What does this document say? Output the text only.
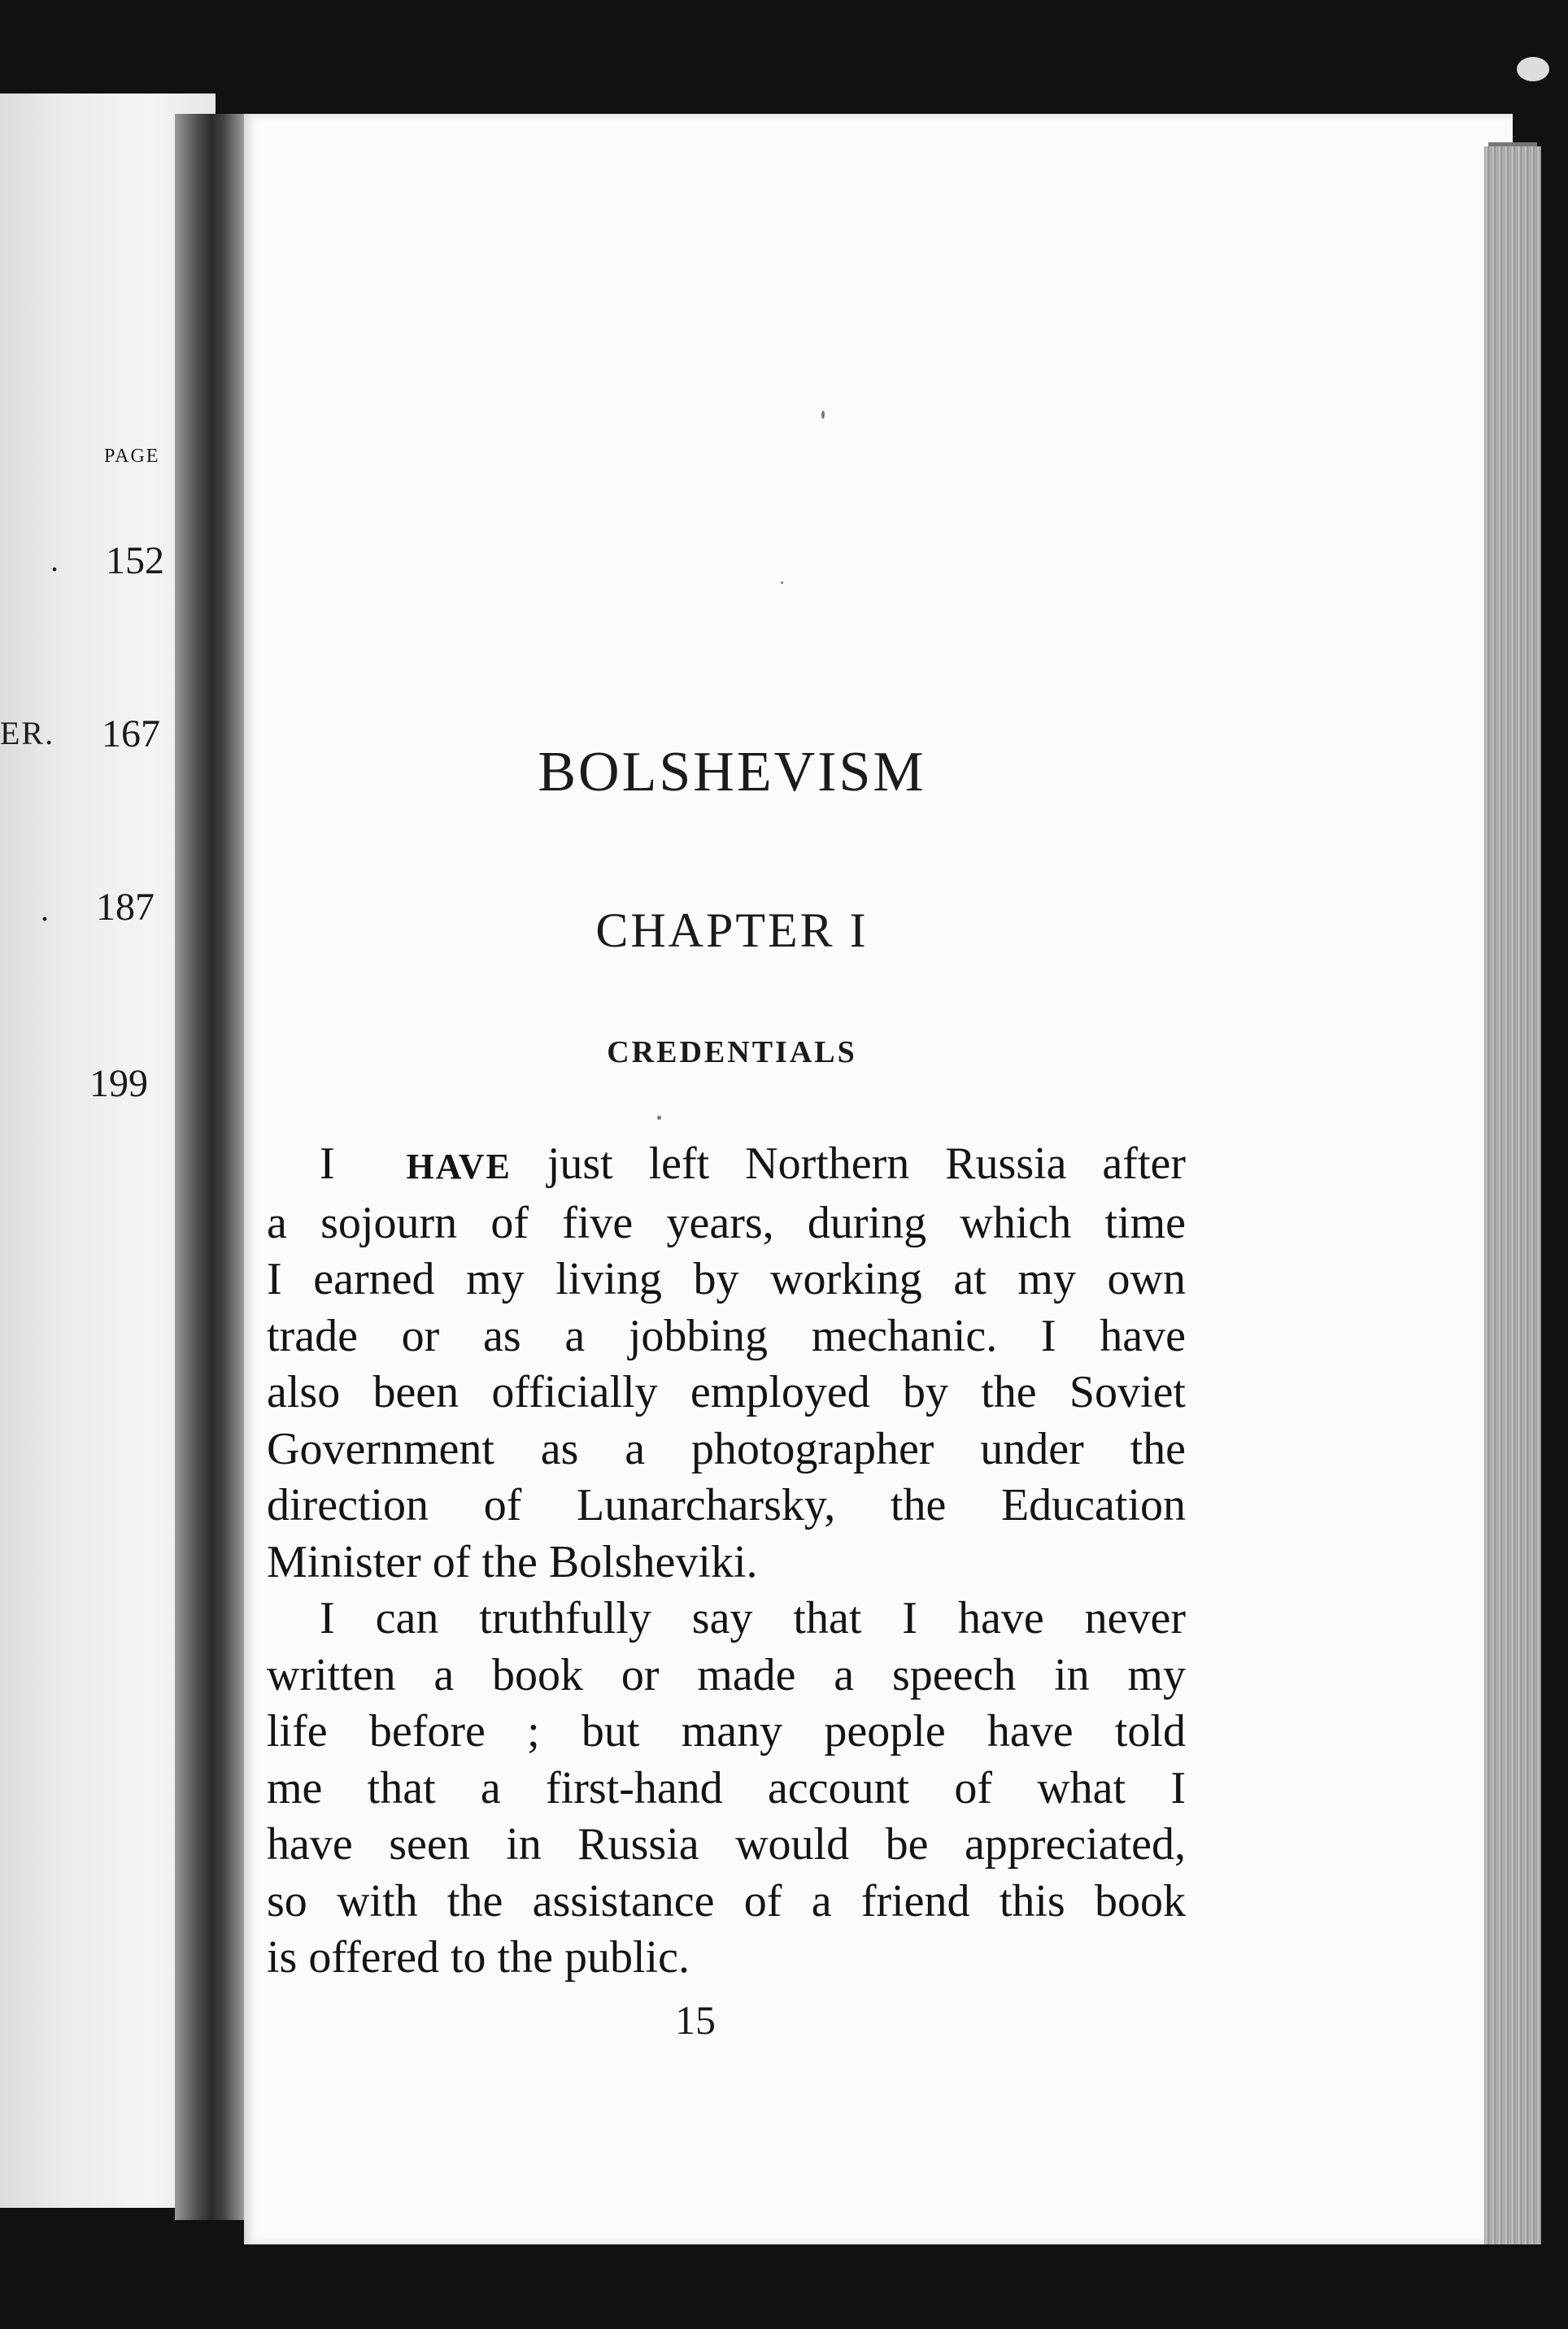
PAGE
. 152
ER. 167
. 187
199
BOLSHEVISM
CHAPTER I
CREDENTIALS
I HAVE just left Northern Russia after
a sojourn of five years, during which time
I earned my living by working at my own
trade or as a jobbing mechanic. I have
also been officially employed by the Soviet
Government as a photographer under the
direction of Lunarcharsky, the Education
Minister of the Bolsheviki.
I can truthfully say that I have never
written a book or made a speech in my
life before ; but many people have told
me that a first-hand account of what I
have seen in Russia would be appreciated,
so with the assistance of a friend this book
is offered to the public.
15
